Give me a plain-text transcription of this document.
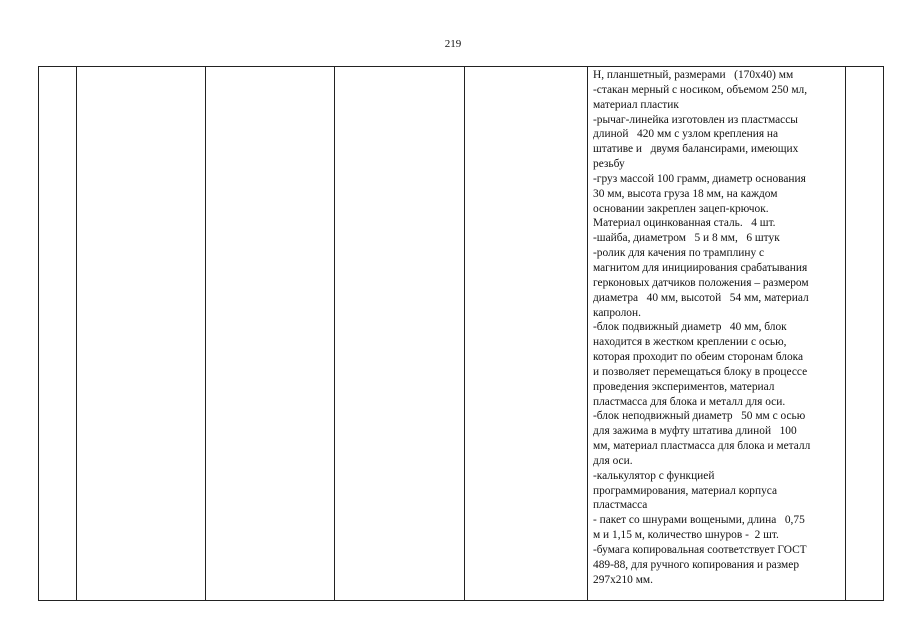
219
Н, планшетный, размерами   (170х40) мм
-стакан мерный с носиком, объемом 250 мл,
материал пластик
-рычаг-линейка изготовлен из пластмассы
длиной   420 мм с узлом крепления на
штативе и   двумя балансирами, имеющих
резьбу
-груз массой 100 грамм, диаметр основания
30 мм, высота груза 18 мм, на каждом
основании закреплен зацеп-крючок.
Материал оцинкованная сталь.   4 шт.
-шайба, диаметром   5 и 8 мм,   6 штук
-ролик для качения по трамплину с
магнитом для инициирования срабатывания
герконовых датчиков положения – размером
диаметра   40 мм, высотой   54 мм, материал
капролон.
-блок подвижный диаметр   40 мм, блок
находится в жестком креплении с осью,
которая проходит по обеим сторонам блока
и позволяет перемещаться блоку в процессе
проведения экспериментов, материал
пластмасса для блока и металл для оси.
-блок неподвижный диаметр   50 мм с осью
для зажима в муфту штатива длиной   100
мм, материал пластмасса для блока и металл
для оси.
-калькулятор с функцией
программирования, материал корпуса
пластмасса
- пакет со шнурами вощеными, длина   0,75
м и 1,15 м, количество шнуров -  2 шт.
-бумага копировальная соответствует ГОСТ
489-88, для ручного копирования и размер
297х210 мм.
